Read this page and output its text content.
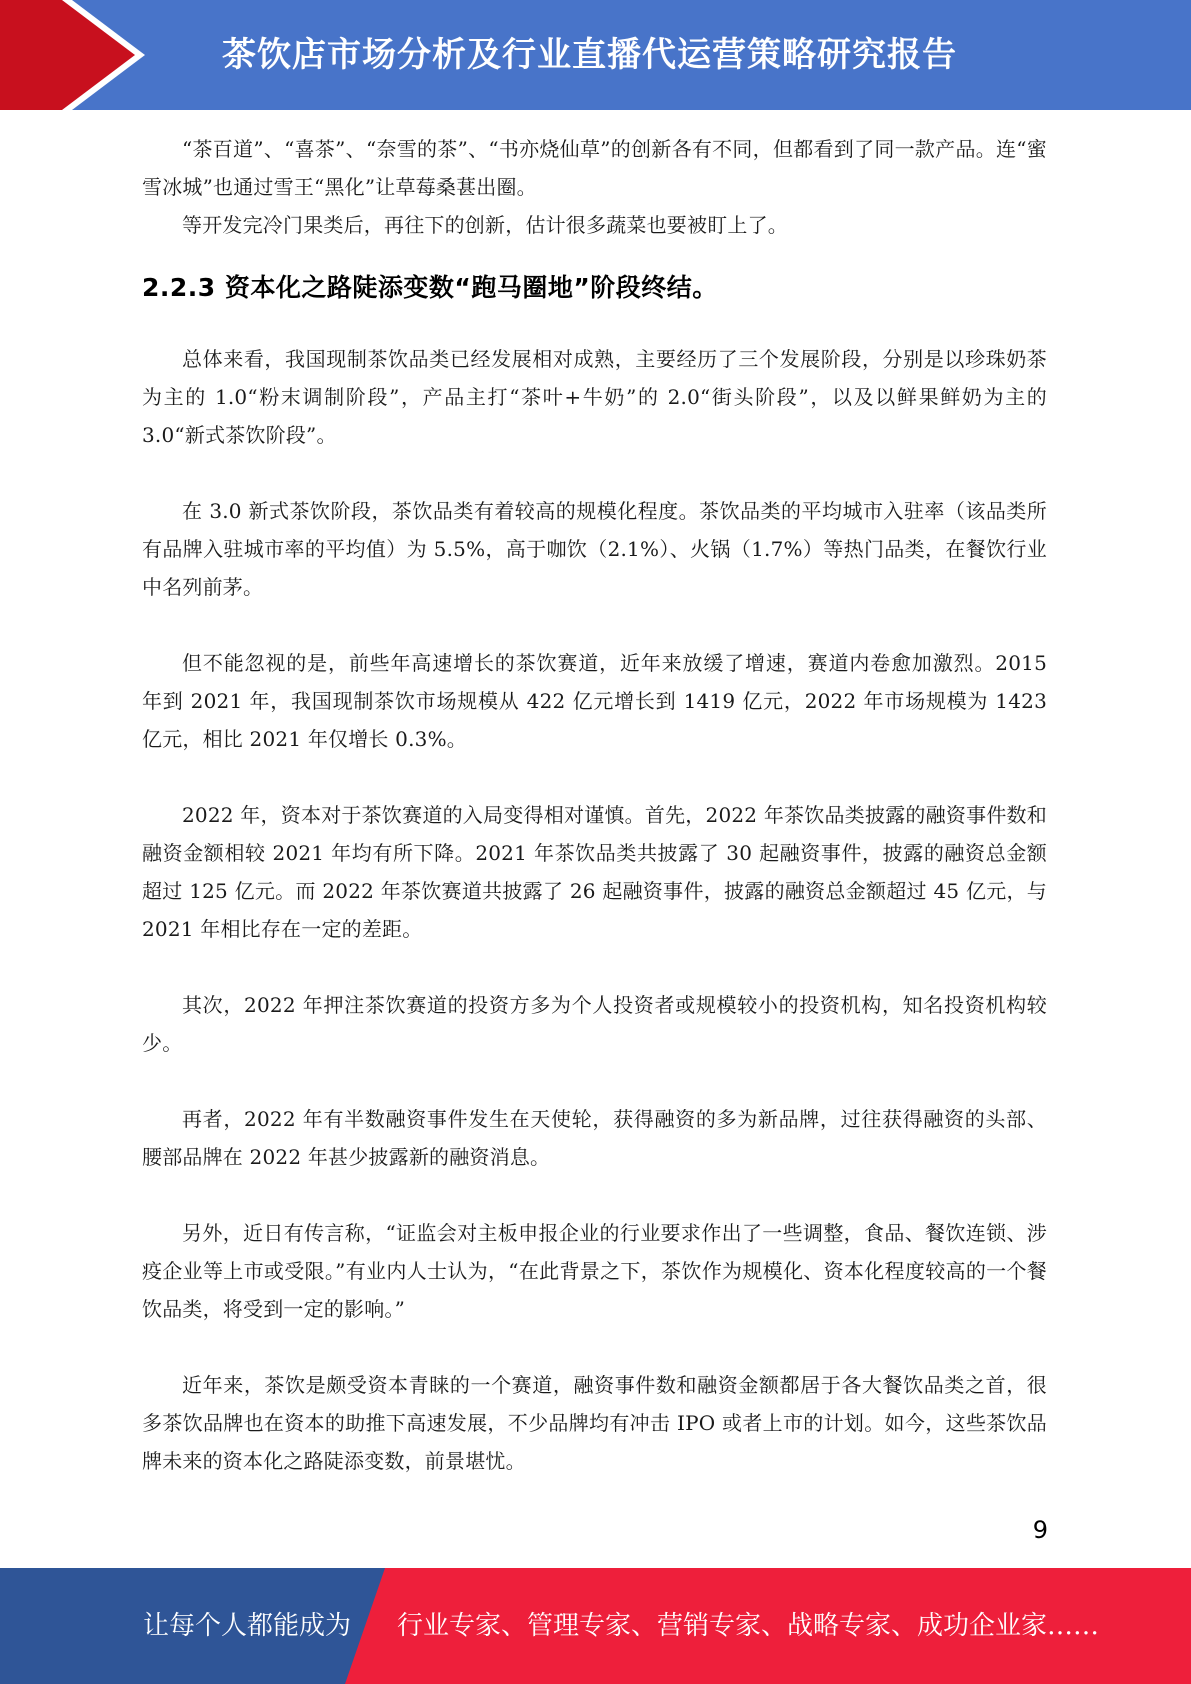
茶饮店市场分析及行业直播代运营策略研究报告

“茶百道”、“喜茶”、“奈雪的茶”、“书亦烧仙草”的创新各有不同，但都看到了同一款产品。连“蜜雪冰城”也通过雪王“黑化”让草莓桑葚出圈。

等开发完冷门果类后，再往下的创新，估计很多蔬菜也要被盯上了。

2.2.3 资本化之路陡添变数“跑马圈地”阶段终结。

总体来看，我国现制茶饮品类已经发展相对成熟，主要经历了三个发展阶段，分别是以珍珠奶茶为主的 1.0“粉末调制阶段”，产品主打“茶叶+牛奶”的 2.0“街头阶段”，以及以鲜果鲜奶为主的 3.0“新式茶饮阶段”。

在 3.0 新式茶饮阶段，茶饮品类有着较高的规模化程度。茶饮品类的平均城市入驻率（该品类所有品牌入驻城市率的平均值）为 5.5%，高于咖饮（2.1%）、火锅（1.7%）等热门品类，在餐饮行业中名列前茅。

但不能忽视的是，前些年高速增长的茶饮赛道，近年来放缓了增速，赛道内卷愈加激烈。2015 年到 2021 年，我国现制茶饮市场规模从 422 亿元增长到 1419 亿元，2022 年市场规模为 1423 亿元，相比 2021 年仅增长 0.3%。

2022 年，资本对于茶饮赛道的入局变得相对谨慎。首先，2022 年茶饮品类披露的融资事件数和融资金额相较 2021 年均有所下降。2021 年茶饮品类共披露了 30 起融资事件，披露的融资总金额超过 125 亿元。而 2022 年茶饮赛道共披露了 26 起融资事件，披露的融资总金额超过 45 亿元，与 2021 年相比存在一定的差距。

其次，2022 年押注茶饮赛道的投资方多为个人投资者或规模较小的投资机构，知名投资机构较少。

再者，2022 年有半数融资事件发生在天使轮，获得融资的多为新品牌，过往获得融资的头部、腰部品牌在 2022 年甚少披露新的融资消息。

另外，近日有传言称，“证监会对主板申报企业的行业要求作出了一些调整，食品、餐饮连锁、涉疫企业等上市或受限。”有业内人士认为，“在此背景之下，茶饮作为规模化、资本化程度较高的一个餐饮品类，将受到一定的影响。”

近年来，茶饮是颇受资本青睐的一个赛道，融资事件数和融资金额都居于各大餐饮品类之首，很多茶饮品牌也在资本的助推下高速发展，不少品牌均有冲击 IPO 或者上市的计划。如今，这些茶饮品牌未来的资本化之路陡添变数，前景堪忧。

9
让每个人都能成为 行业专家、管理专家、营销专家、战略专家、成功企业家……
